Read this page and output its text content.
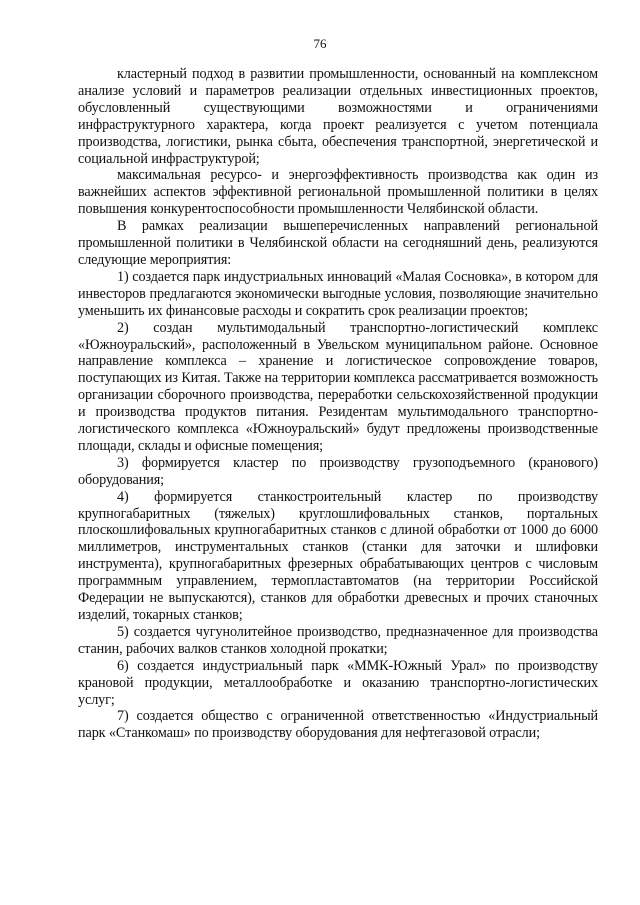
76

кластерный подход в развитии промышленности, основанный на комплексном анализе условий и параметров реализации отдельных инвестиционных проектов, обусловленный существующими возможностями и ограничениями инфраструктурного характера, когда проект реализуется с учетом потенциала производства, логистики, рынка сбыта, обеспечения транспортной, энергетической и социальной инфраструктурой;

максимальная ресурсо- и энергоэффективность производства как один из важнейших аспектов эффективной региональной промышленной политики в целях повышения конкурентоспособности промышленности Челябинской области.

В рамках реализации вышеперечисленных направлений региональной промышленной политики в Челябинской области на сегодняшний день, реализуются следующие мероприятия:

1) создается парк индустриальных инноваций «Малая Сосновка», в котором для инвесторов предлагаются экономически выгодные условия, позволяющие значительно уменьшить их финансовые расходы и сократить срок реализации проектов;

2) создан мультимодальный транспортно-логистический комплекс «Южноуральский», расположенный в Увельском муниципальном районе. Основное направление комплекса – хранение и логистическое сопровождение товаров, поступающих из Китая. Также на территории комплекса рассматривается возможность организации сборочного производства, переработки сельскохозяйственной продукции и производства продуктов питания. Резидентам мультимодального транспортно-логистического комплекса «Южноуральский» будут предложены производственные площади, склады и офисные помещения;

3) формируется кластер по производству грузоподъемного (кранового) оборудования;

4) формируется станкостроительный кластер по производству крупногабаритных (тяжелых) круглошлифовальных станков, портальных плоскошлифовальных крупногабаритных станков с длиной обработки от 1000 до 6000 миллиметров, инструментальных станков (станки для заточки и шлифовки инструмента), крупногабаритных фрезерных обрабатывающих центров с числовым программным управлением, термопластавтоматов (на территории Российской Федерации не выпускаются), станков для обработки древесных и прочих станочных изделий, токарных станков;

5) создается чугунолитейное производство, предназначенное для производства станин, рабочих валков станков холодной прокатки;

6) создается индустриальный парк «ММК-Южный Урал» по производству крановой продукции, металлообработке и оказанию транспортно-логистических услуг;

7) создается общество с ограниченной ответственностью «Индустриальный парк «Станкомаш» по производству оборудования для нефтегазовой отрасли;
